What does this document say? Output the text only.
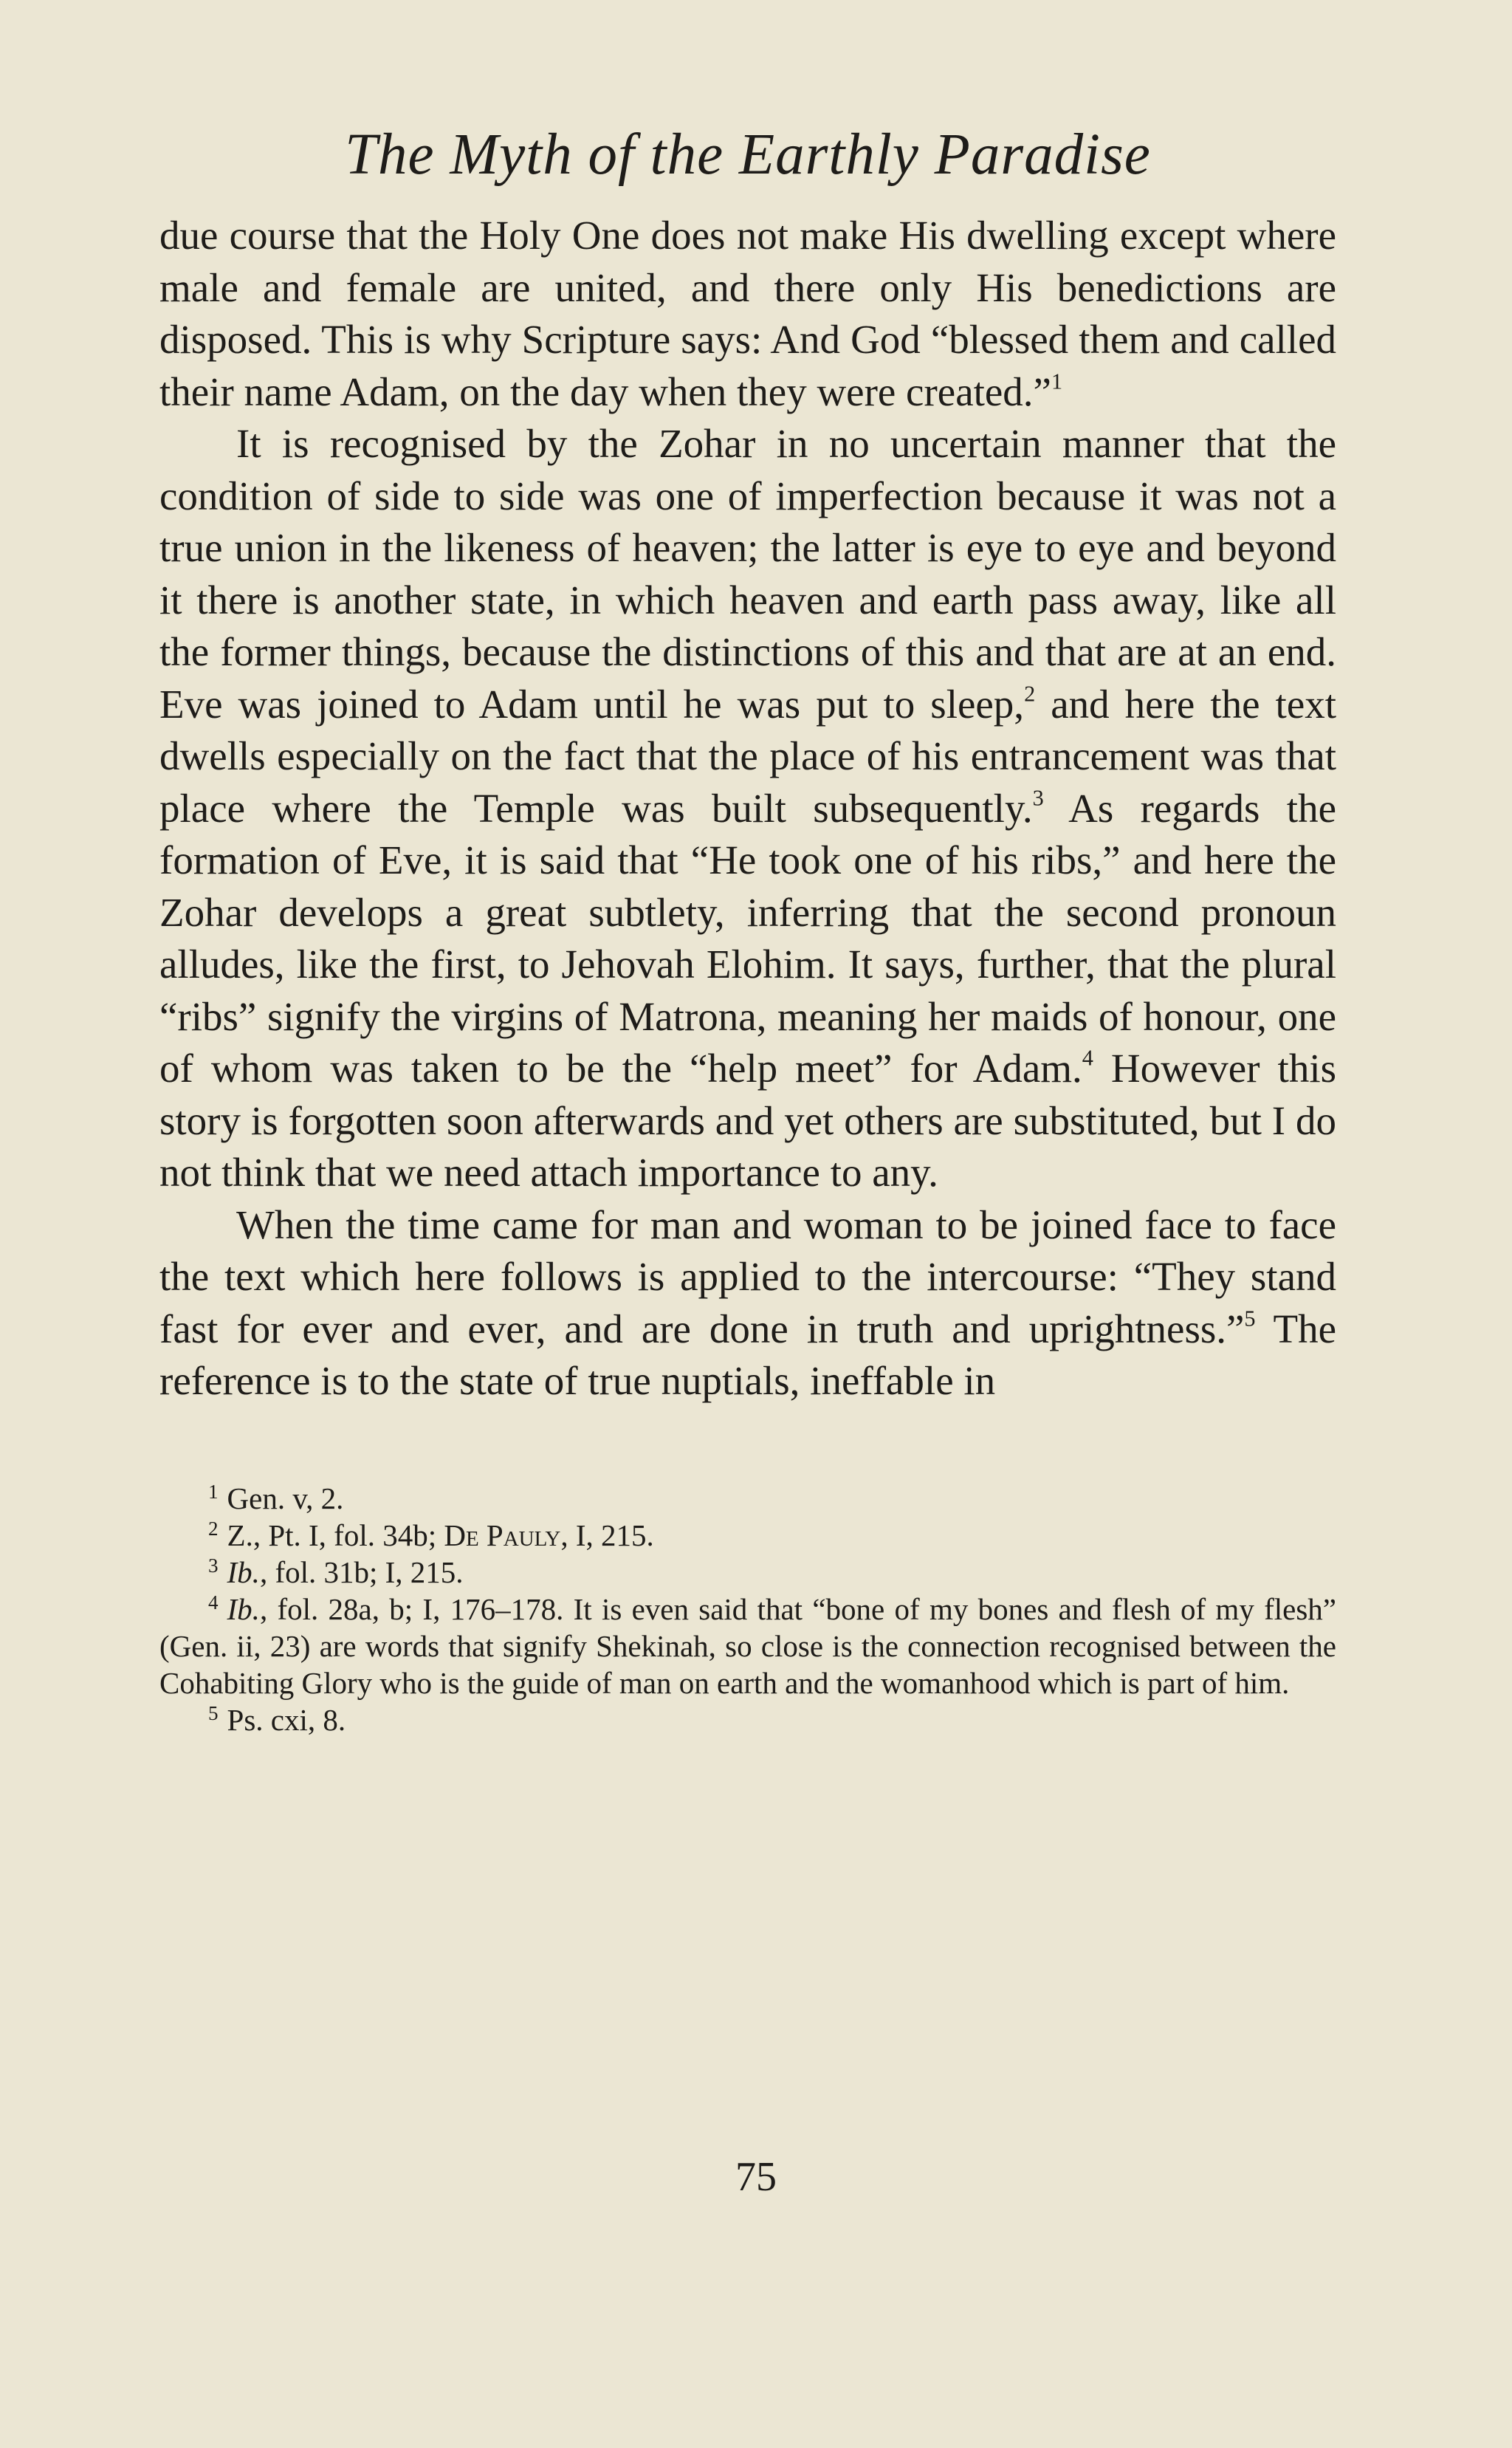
The Myth of the Earthly Paradise

due course that the Holy One does not make His dwelling except where male and female are united, and there only His benedictions are disposed. This is why Scripture says: And God “blessed them and called their name Adam, on the day when they were created.”$^1$

It is recognised by the Zohar in no uncertain manner that the condition of side to side was one of imperfection because it was not a true union in the likeness of heaven; the latter is eye to eye and beyond it there is another state, in which heaven and earth pass away, like all the former things, because the distinctions of this and that are at an end. Eve was joined to Adam until he was put to sleep,$^2$ and here the text dwells especially on the fact that the place of his entrancement was that place where the Temple was built subsequently.$^3$ As regards the formation of Eve, it is said that “He took one of his ribs,” and here the Zohar develops a great subtlety, inferring that the second pronoun alludes, like the first, to Jehovah Elohim. It says, further, that the plural “ribs” signify the virgins of Matrona, meaning her maids of honour, one of whom was taken to be the “help meet” for Adam.$^4$ However this story is forgotten soon afterwards and yet others are substituted, but I do not think that we need attach importance to any.

When the time came for man and woman to be joined face to face the text which here follows is applied to the intercourse: “They stand fast for ever and ever, and are done in truth and uprightness.”$^5$ The reference is to the state of true nuptials, ineffable in

$^1$ Gen. v, 2.

$^2$ Z., Pt. I, fol. 34b; De Pauly, I, 215.

$^3$ Ib., fol. 31b; I, 215.

$^4$ Ib., fol. 28a, b; I, 176–178. It is even said that “bone of my bones and flesh of my flesh” (Gen. ii, 23) are words that signify Shekinah, so close is the connection recognised between the Cohabiting Glory who is the guide of man on earth and the womanhood which is part of him.

$^5$ Ps. cxi, 8.

75
